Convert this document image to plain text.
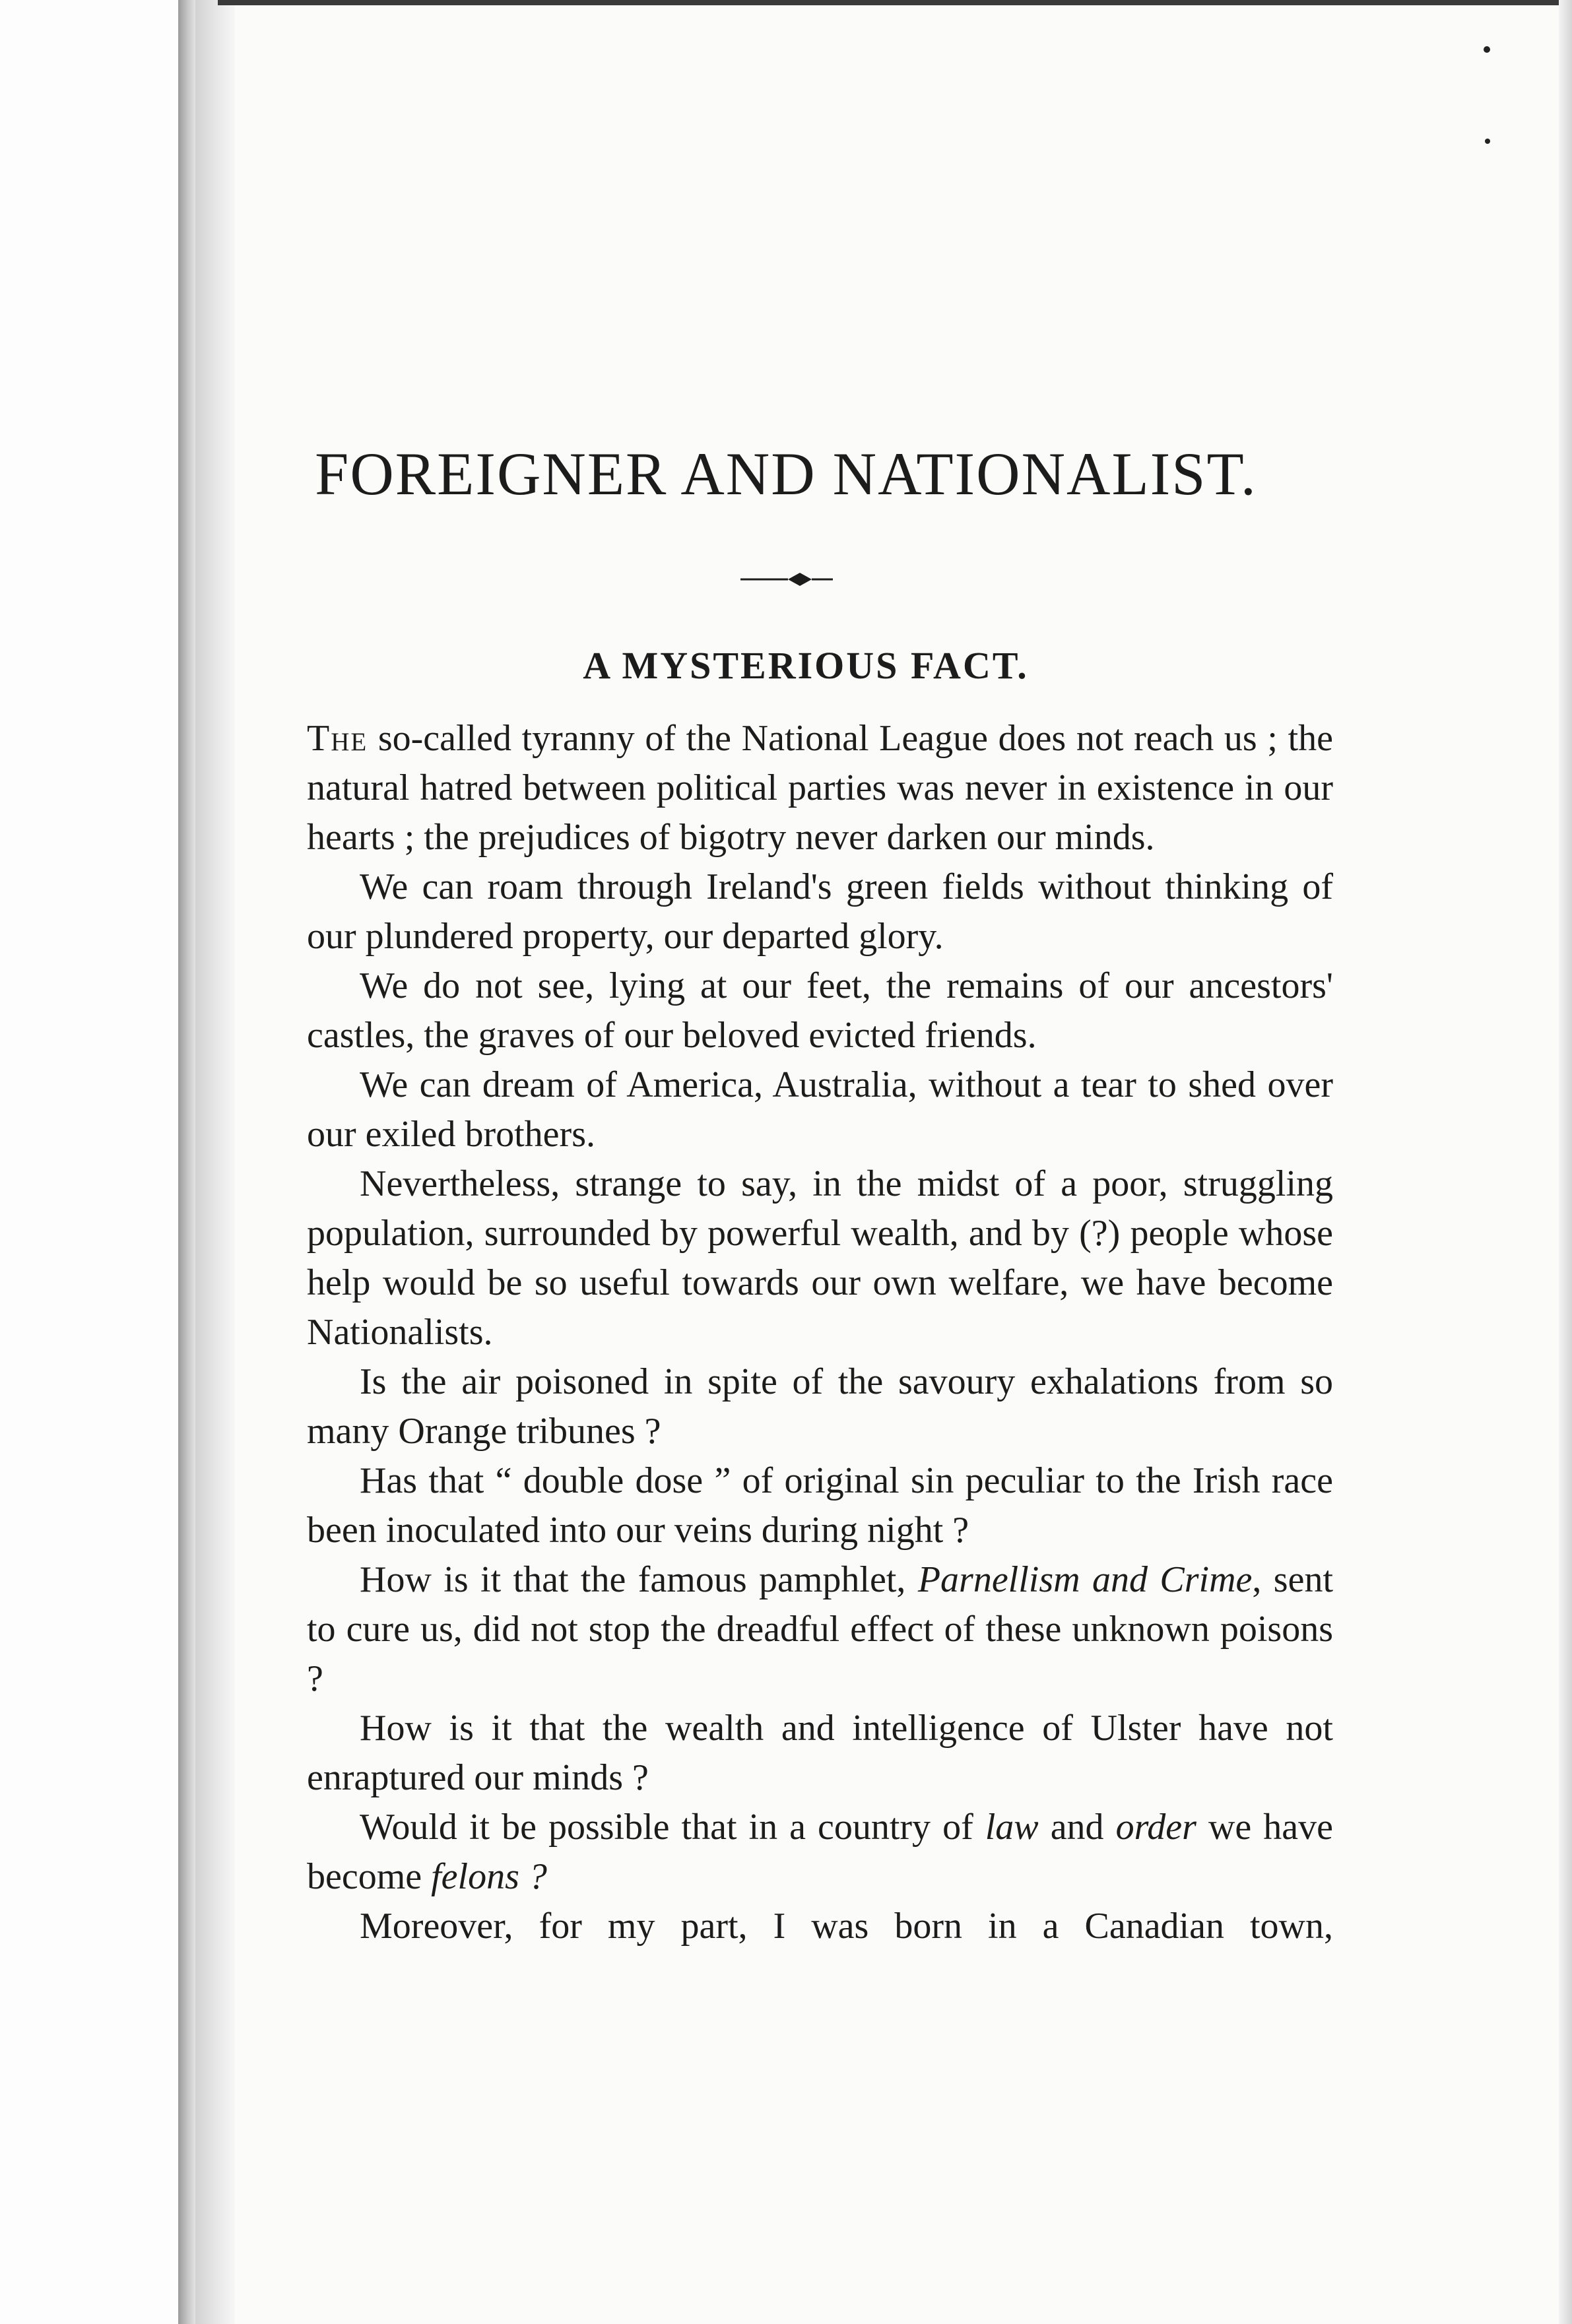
FOREIGNER AND NATIONALIST.
A MYSTERIOUS FACT.

The so-called tyranny of the National League does not reach us ; the natural hatred between political parties was never in existence in our hearts ; the prejudices of bigotry never darken our minds.

We can roam through Ireland's green fields without thinking of our plundered property, our departed glory.

We do not see, lying at our feet, the remains of our ancestors' castles, the graves of our beloved evicted friends.

We can dream of America, Australia, without a tear to shed over our exiled brothers.

Nevertheless, strange to say, in the midst of a poor, struggling population, surrounded by powerful wealth, and by (?) people whose help would be so useful towards our own welfare, we have become Nationalists.

Is the air poisoned in spite of the savoury exhalations from so many Orange tribunes ?

Has that “ double dose ” of original sin peculiar to the Irish race been inoculated into our veins during night ?

How is it that the famous pamphlet, Parnellism and Crime, sent to cure us, did not stop the dreadful effect of these unknown poisons ?

How is it that the wealth and intelligence of Ulster have not enraptured our minds ?

Would it be possible that in a country of law and order we have become felons ?

Moreover, for my part, I was born in a Canadian town,
